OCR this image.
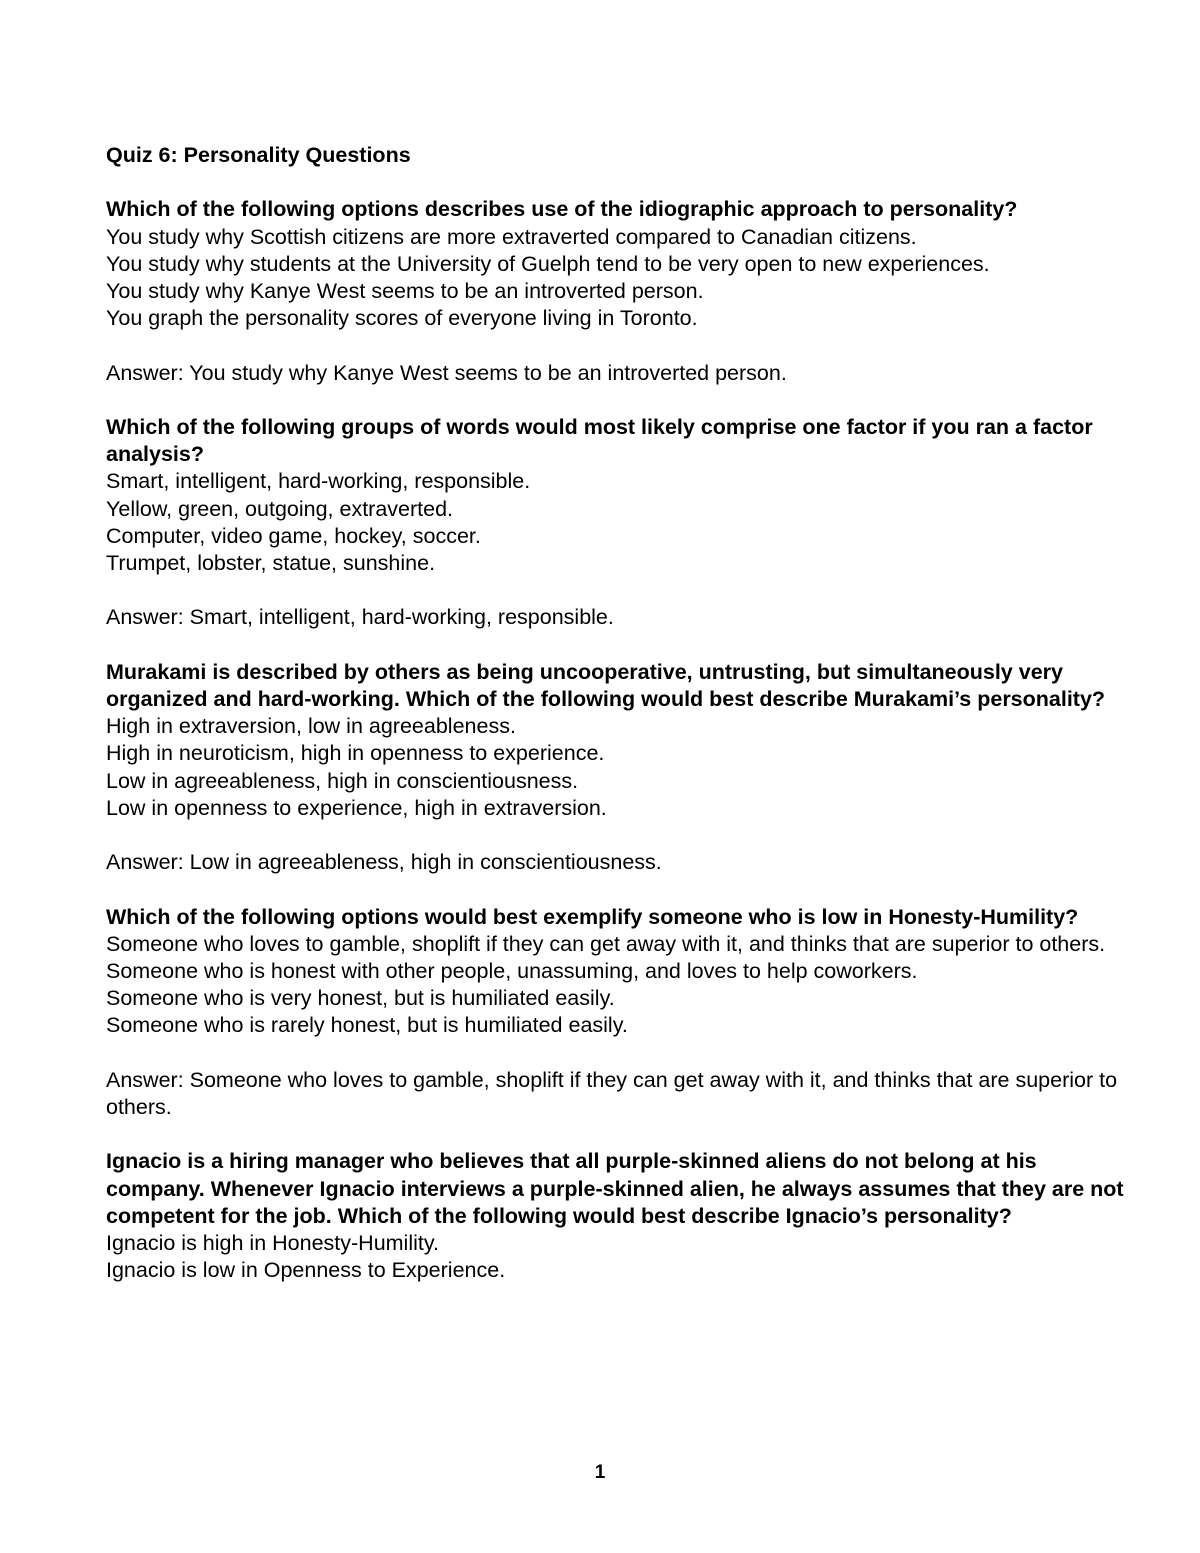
Quiz 6: Personality Questions

Which of the following options describes use of the idiographic approach to personality?

You study why Scottish citizens are more extraverted compared to Canadian citizens.
You study why students at the University of Guelph tend to be very open to new experiences.
You study why Kanye West seems to be an introverted person.
You graph the personality scores of everyone living in Toronto.

Answer: You study why Kanye West seems to be an introverted person.

Which of the following groups of words would most likely comprise one factor if you ran a factor analysis?

Smart, intelligent, hard-working, responsible.
Yellow, green, outgoing, extraverted.
Computer, video game, hockey, soccer.
Trumpet, lobster, statue, sunshine.

Answer: Smart, intelligent, hard-working, responsible.

Murakami is described by others as being uncooperative, untrusting, but simultaneously very organized and hard-working. Which of the following would best describe Murakami’s personality?

High in extraversion, low in agreeableness.
High in neuroticism, high in openness to experience.
Low in agreeableness, high in conscientiousness.
Low in openness to experience, high in extraversion.

Answer: Low in agreeableness, high in conscientiousness.

Which of the following options would best exemplify someone who is low in Honesty-Humility?

Someone who loves to gamble, shoplift if they can get away with it, and thinks that are superior to others.
Someone who is honest with other people, unassuming, and loves to help coworkers.
Someone who is very honest, but is humiliated easily.
Someone who is rarely honest, but is humiliated easily.

Answer: Someone who loves to gamble, shoplift if they can get away with it, and thinks that are superior to others.

Ignacio is a hiring manager who believes that all purple-skinned aliens do not belong at his company. Whenever Ignacio interviews a purple-skinned alien, he always assumes that they are not competent for the job. Which of the following would best describe Ignacio’s personality?

Ignacio is high in Honesty-Humility.
Ignacio is low in Openness to Experience.
1
